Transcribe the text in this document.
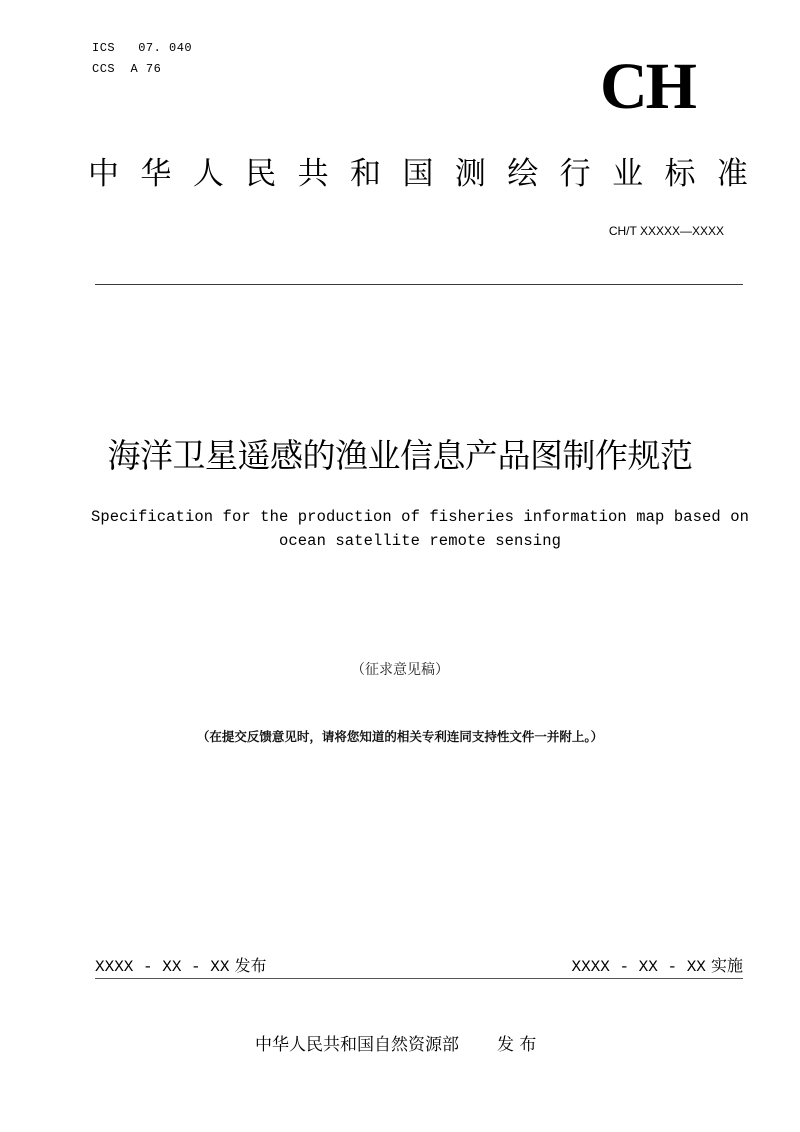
ICS   07. 040
CCS  A 76	CH
中 华 人 民 共 和 国 测 绘 行 业 标 准
CH/T XXXXX—XXXX
海洋卫星遥感的渔业信息产品图制作规范
Specification for the production of fisheries information map based on
ocean satellite remote sensing
（征求意见稿）
（在提交反馈意见时，请将您知道的相关专利连同支持性文件一并附上。）
XXXX - XX - XX 发布	XXXX - XX - XX 实施
中华人民共和国自然资源部 发 布
